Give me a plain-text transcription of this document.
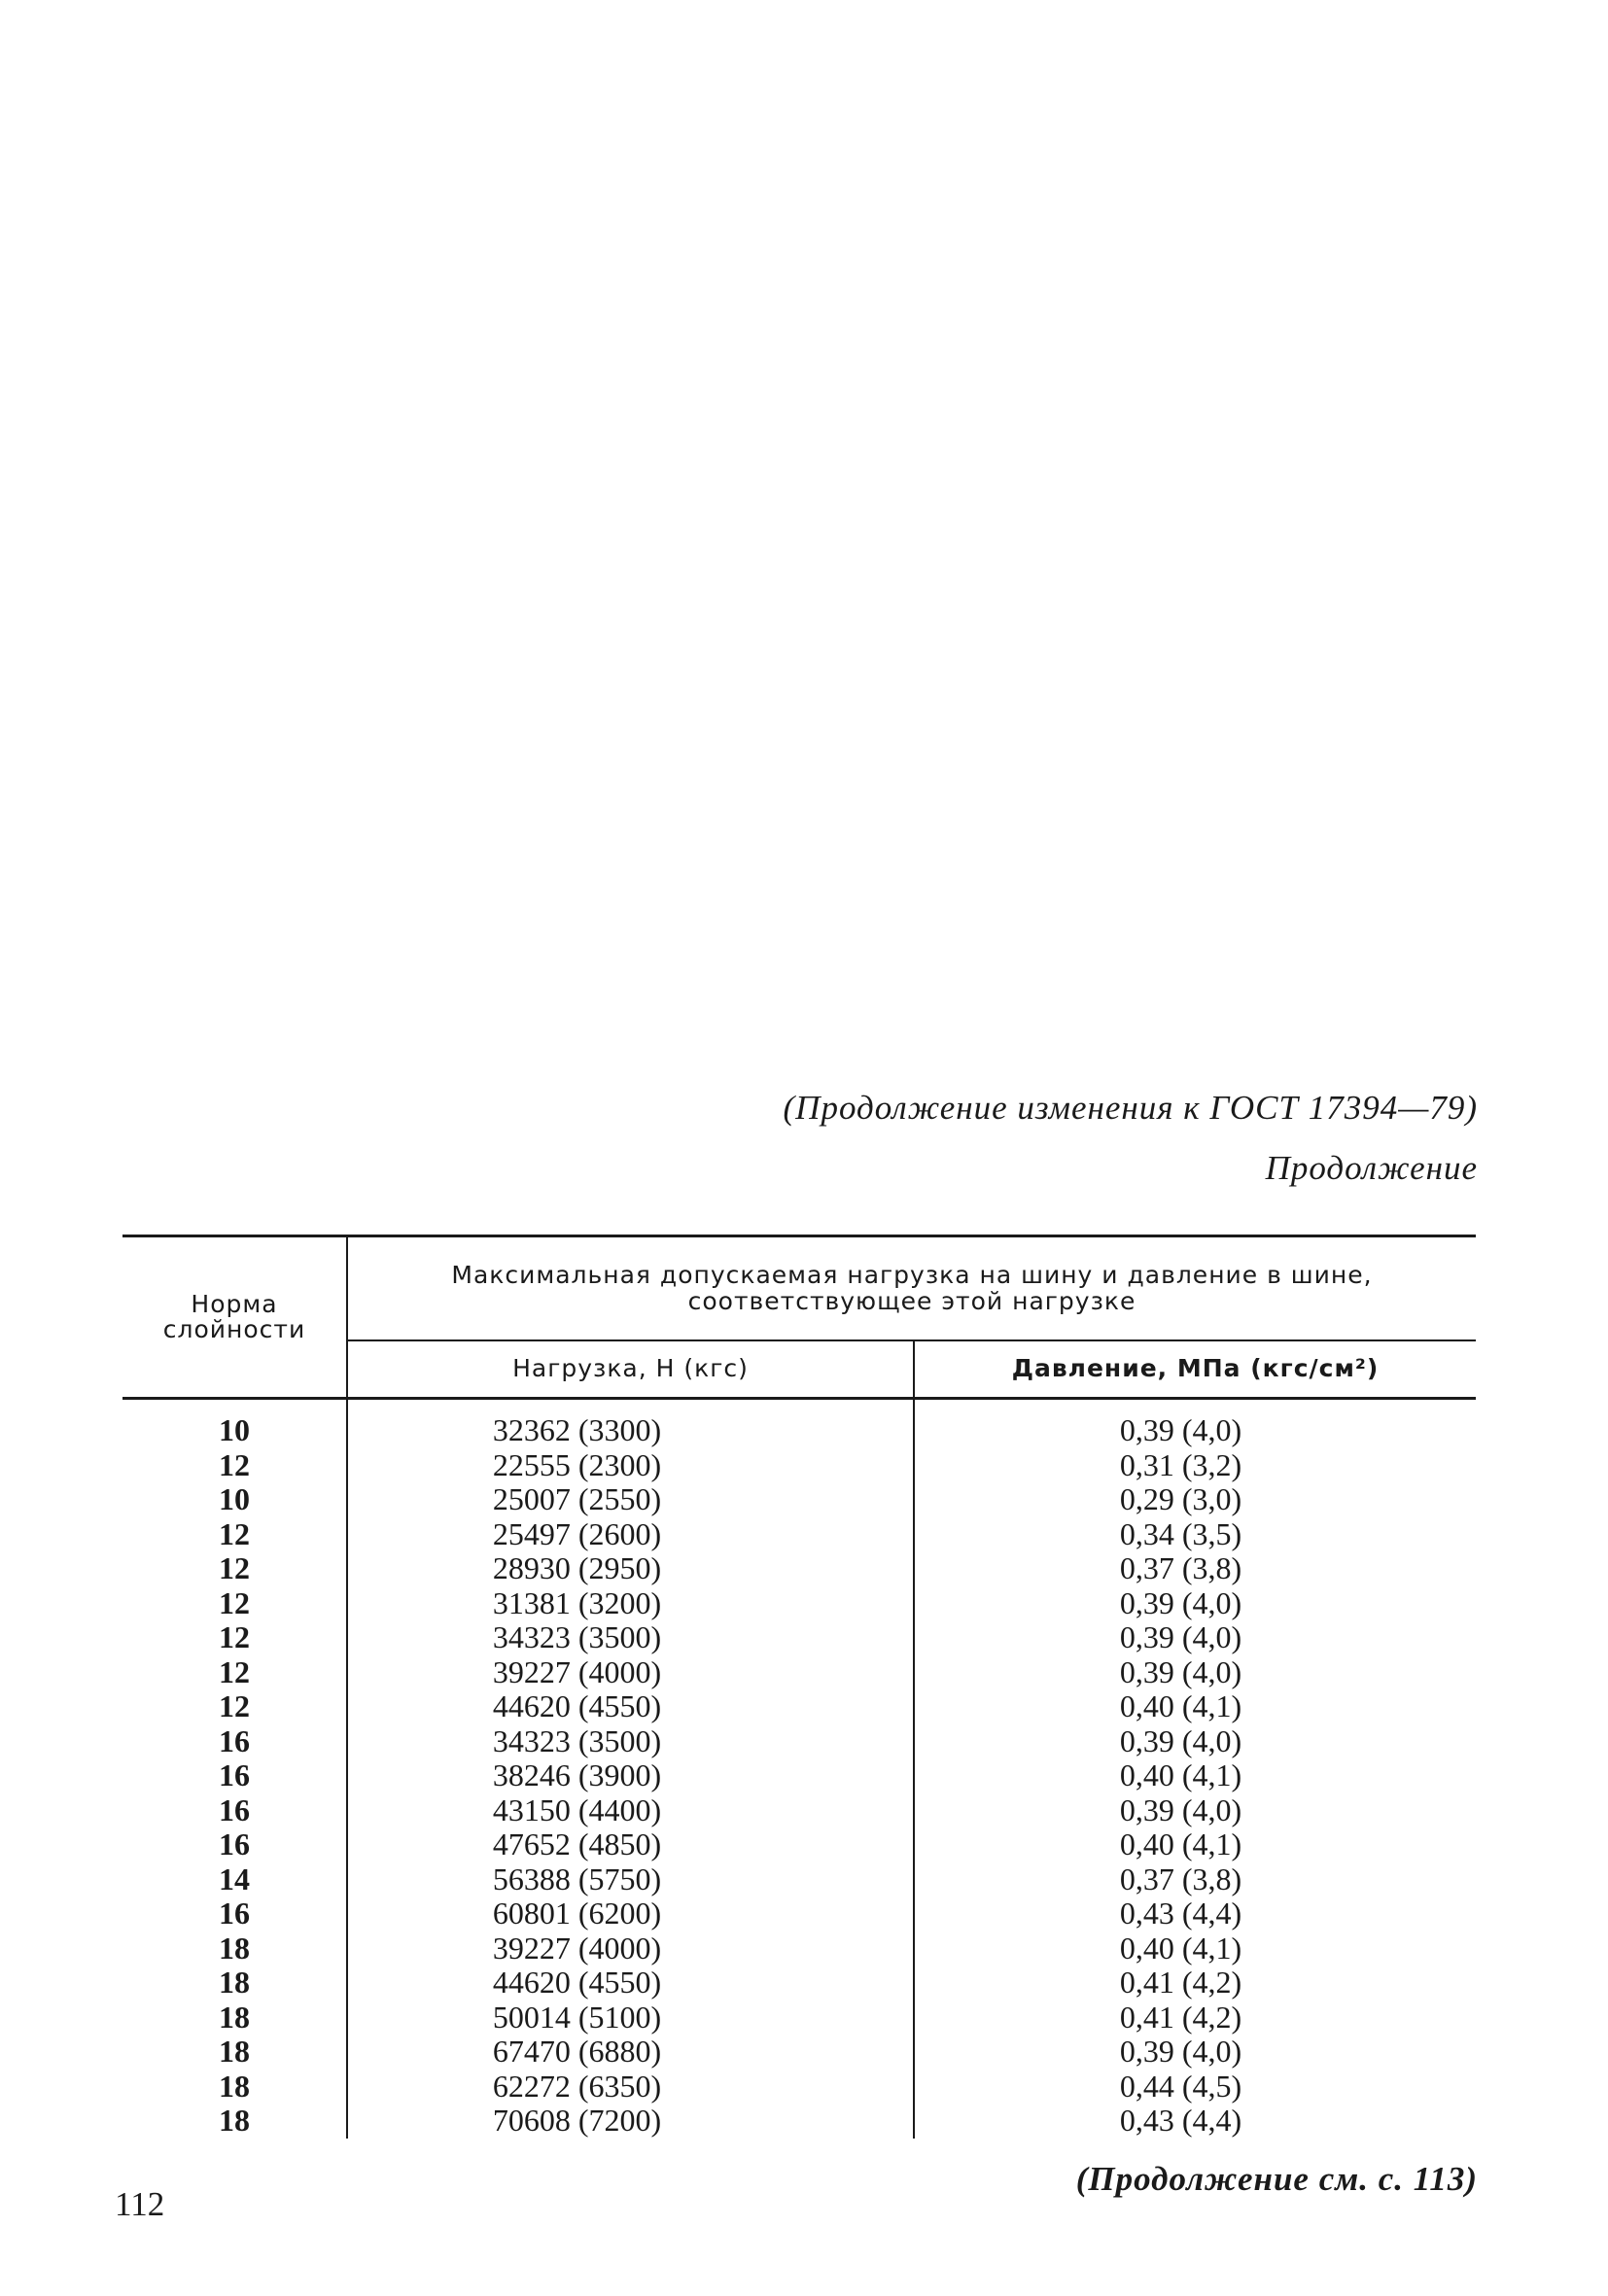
(Продолжение изменения к ГОСТ 17394—79)
Продолжение
Норма слойности	Максимальная допускаемая нагрузка на шину и давление в шине, соответствующее этой нагрузке	
	Нагрузка, Н (кгс)	Давление, МПа (кгс/см²)
10	32362 (3300)	0,39 (4,0)
12	22555 (2300)	0,31 (3,2)
10	25007 (2550)	0,29 (3,0)
12	25497 (2600)	0,34 (3,5)
12	28930 (2950)	0,37 (3,8)
12	31381 (3200)	0,39 (4,0)
12	34323 (3500)	0,39 (4,0)
12	39227 (4000)	0,39 (4,0)
12	44620 (4550)	0,40 (4,1)
16	34323 (3500)	0,39 (4,0)
16	38246 (3900)	0,40 (4,1)
16	43150 (4400)	0,39 (4,0)
16	47652 (4850)	0,40 (4,1)
14	56388 (5750)	0,37 (3,8)
16	60801 (6200)	0,43 (4,4)
18	39227 (4000)	0,40 (4,1)
18	44620 (4550)	0,41 (4,2)
18	50014 (5100)	0,41 (4,2)
18	67470 (6880)	0,39 (4,0)
18	62272 (6350)	0,44 (4,5)
18	70608 (7200)	0,43 (4,4)
(Продолжение см. с. 113)
112
